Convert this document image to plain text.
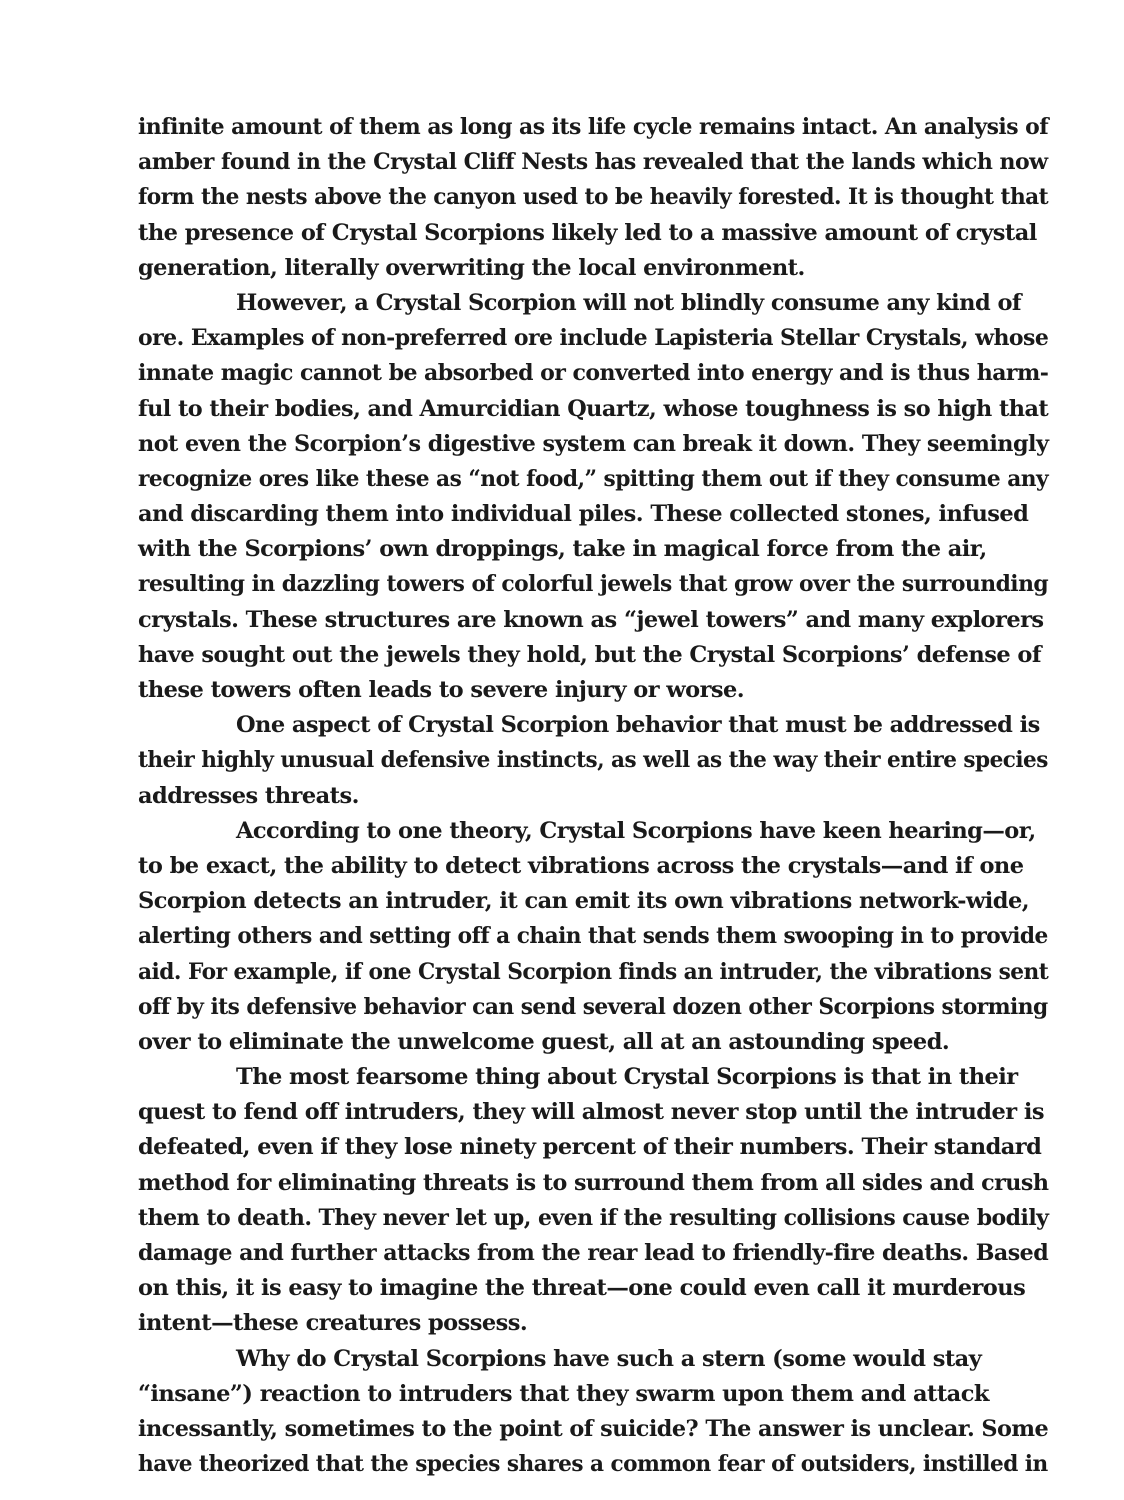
infinite amount of them as long as its life cycle remains intact. An analysis of
amber found in the Crystal Cliff Nests has revealed that the lands which now
form the nests above the canyon used to be heavily forested. It is thought that
the presence of Crystal Scorpions likely led to a massive amount of crystal
generation, literally overwriting the local environment.
However, a Crystal Scorpion will not blindly consume any kind of
ore. Examples of non-preferred ore include Lapisteria Stellar Crystals, whose
innate magic cannot be absorbed or converted into energy and is thus harm-
ful to their bodies, and Amurcidian Quartz, whose toughness is so high that
not even the Scorpion’s digestive system can break it down. They seemingly
recognize ores like these as “not food,” spitting them out if they consume any
and discarding them into individual piles. These collected stones, infused
with the Scorpions’ own droppings, take in magical force from the air,
resulting in dazzling towers of colorful jewels that grow over the surrounding
crystals. These structures are known as “jewel towers” and many explorers
have sought out the jewels they hold, but the Crystal Scorpions’ defense of
these towers often leads to severe injury or worse.
One aspect of Crystal Scorpion behavior that must be addressed is
their highly unusual defensive instincts, as well as the way their entire species
addresses threats.
According to one theory, Crystal Scorpions have keen hearing—or,
to be exact, the ability to detect vibrations across the crystals—and if one
Scorpion detects an intruder, it can emit its own vibrations network-wide,
alerting others and setting off a chain that sends them swooping in to provide
aid. For example, if one Crystal Scorpion finds an intruder, the vibrations sent
off by its defensive behavior can send several dozen other Scorpions storming
over to eliminate the unwelcome guest, all at an astounding speed.
The most fearsome thing about Crystal Scorpions is that in their
quest to fend off intruders, they will almost never stop until the intruder is
defeated, even if they lose ninety percent of their numbers. Their standard
method for eliminating threats is to surround them from all sides and crush
them to death. They never let up, even if the resulting collisions cause bodily
damage and further attacks from the rear lead to friendly-fire deaths. Based
on this, it is easy to imagine the threat—one could even call it murderous
intent—these creatures possess.
Why do Crystal Scorpions have such a stern (some would stay
“insane”) reaction to intruders that they swarm upon them and attack
incessantly, sometimes to the point of suicide? The answer is unclear. Some
have theorized that the species shares a common fear of outsiders, instilled in
